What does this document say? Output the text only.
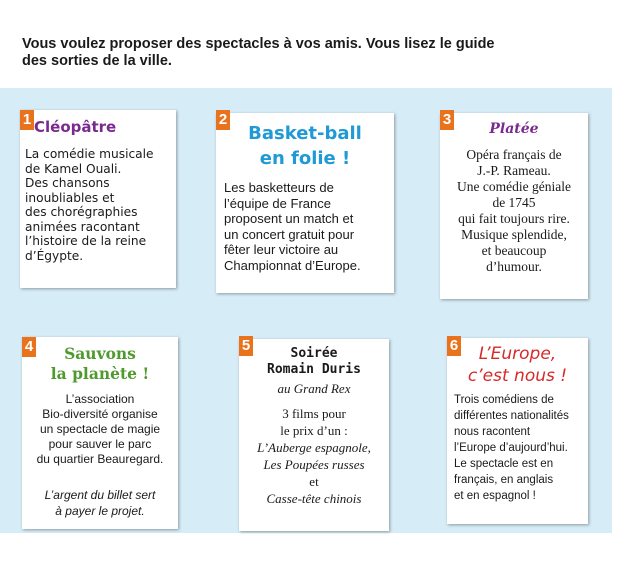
Vous voulez proposer des spectacles à vos amis. Vous lisez le guide
des sorties de la ville.
Cléopâtre
La comédie musicale
de Kamel Ouali.
Des chansons
inoubliables et
des chorégraphies
animées racontant
l’histoire de la reine
d’Égypte.
1
Basket-ball
en folie !
Les basketteurs de
l’équipe de France
proposent un match et
un concert gratuit pour
fêter leur victoire au
Championnat d’Europe.
2
Platée
Opéra français de
J.-P. Rameau.
Une comédie géniale
de 1745
qui fait toujours rire.
Musique splendide,
et beaucoup
d’humour.
3
Sauvons
la planète !
L’association
Bio-diversité organise
un spectacle de magie
pour sauver le parc
du quartier Beauregard.
L’argent du billet sert
à payer le projet.
4	Soirée
Romain Duris
au Grand Rex
3 films pour
le prix d’un :
L’Auberge espagnole,
Les Poupées russes
et
Casse-tête chinois
5	L’Europe,
c’est nous !
Trois comédiens de
différentes nationalités
nous racontent
l’Europe d’aujourd’hui.
Le spectacle est en
français, en anglais
et en espagnol !
6
